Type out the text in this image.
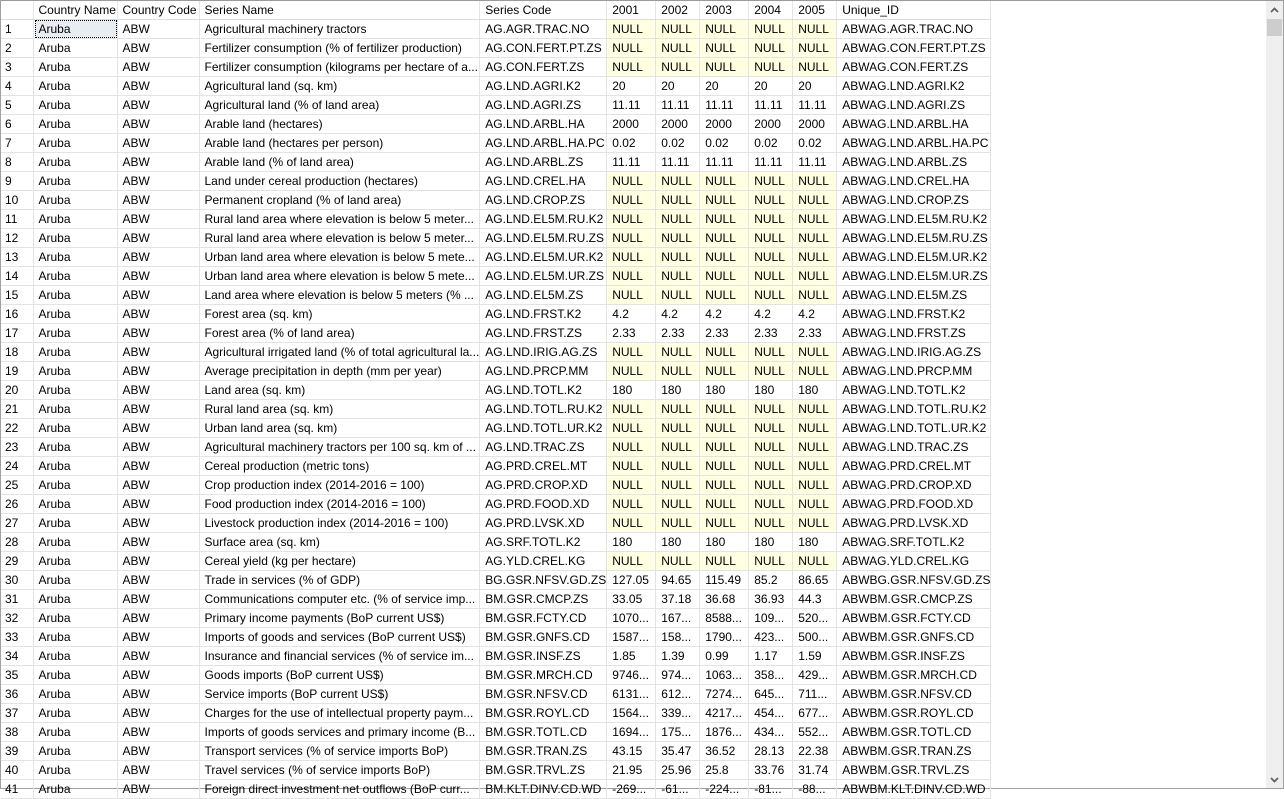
	Country Name	Country Code	Series Name	Series Code	2001	2002	2003	2004	2005	Unique_ID
1	Aruba	ABW	Agricultural machinery tractors	AG.AGR.TRAC.NO	NULL	NULL	NULL	NULL	NULL	ABWAG.AGR.TRAC.NO
2	Aruba	ABW	Fertilizer consumption (% of fertilizer production)	AG.CON.FERT.PT.ZS	NULL	NULL	NULL	NULL	NULL	ABWAG.CON.FERT.PT.ZS
3	Aruba	ABW	Fertilizer consumption (kilograms per hectare of a...	AG.CON.FERT.ZS	NULL	NULL	NULL	NULL	NULL	ABWAG.CON.FERT.ZS
4	Aruba	ABW	Agricultural land (sq. km)	AG.LND.AGRI.K2	20	20	20	20	20	ABWAG.LND.AGRI.K2
5	Aruba	ABW	Agricultural land (% of land area)	AG.LND.AGRI.ZS	11.11	11.11	11.11	11.11	11.11	ABWAG.LND.AGRI.ZS
6	Aruba	ABW	Arable land (hectares)	AG.LND.ARBL.HA	2000	2000	2000	2000	2000	ABWAG.LND.ARBL.HA
7	Aruba	ABW	Arable land (hectares per person)	AG.LND.ARBL.HA.PC	0.02	0.02	0.02	0.02	0.02	ABWAG.LND.ARBL.HA.PC
8	Aruba	ABW	Arable land (% of land area)	AG.LND.ARBL.ZS	11.11	11.11	11.11	11.11	11.11	ABWAG.LND.ARBL.ZS
9	Aruba	ABW	Land under cereal production (hectares)	AG.LND.CREL.HA	NULL	NULL	NULL	NULL	NULL	ABWAG.LND.CREL.HA
10	Aruba	ABW	Permanent cropland (% of land area)	AG.LND.CROP.ZS	NULL	NULL	NULL	NULL	NULL	ABWAG.LND.CROP.ZS
11	Aruba	ABW	Rural land area where elevation is below 5 meter...	AG.LND.EL5M.RU.K2	NULL	NULL	NULL	NULL	NULL	ABWAG.LND.EL5M.RU.K2
12	Aruba	ABW	Rural land area where elevation is below 5 meter...	AG.LND.EL5M.RU.ZS	NULL	NULL	NULL	NULL	NULL	ABWAG.LND.EL5M.RU.ZS
13	Aruba	ABW	Urban land area where elevation is below 5 mete...	AG.LND.EL5M.UR.K2	NULL	NULL	NULL	NULL	NULL	ABWAG.LND.EL5M.UR.K2
14	Aruba	ABW	Urban land area where elevation is below 5 mete...	AG.LND.EL5M.UR.ZS	NULL	NULL	NULL	NULL	NULL	ABWAG.LND.EL5M.UR.ZS
15	Aruba	ABW	Land area where elevation is below 5 meters (% ...	AG.LND.EL5M.ZS	NULL	NULL	NULL	NULL	NULL	ABWAG.LND.EL5M.ZS
16	Aruba	ABW	Forest area (sq. km)	AG.LND.FRST.K2	4.2	4.2	4.2	4.2	4.2	ABWAG.LND.FRST.K2
17	Aruba	ABW	Forest area (% of land area)	AG.LND.FRST.ZS	2.33	2.33	2.33	2.33	2.33	ABWAG.LND.FRST.ZS
18	Aruba	ABW	Agricultural irrigated land (% of total agricultural la...	AG.LND.IRIG.AG.ZS	NULL	NULL	NULL	NULL	NULL	ABWAG.LND.IRIG.AG.ZS
19	Aruba	ABW	Average precipitation in depth (mm per year)	AG.LND.PRCP.MM	NULL	NULL	NULL	NULL	NULL	ABWAG.LND.PRCP.MM
20	Aruba	ABW	Land area (sq. km)	AG.LND.TOTL.K2	180	180	180	180	180	ABWAG.LND.TOTL.K2
21	Aruba	ABW	Rural land area (sq. km)	AG.LND.TOTL.RU.K2	NULL	NULL	NULL	NULL	NULL	ABWAG.LND.TOTL.RU.K2
22	Aruba	ABW	Urban land area (sq. km)	AG.LND.TOTL.UR.K2	NULL	NULL	NULL	NULL	NULL	ABWAG.LND.TOTL.UR.K2
23	Aruba	ABW	Agricultural machinery tractors per 100 sq. km of ...	AG.LND.TRAC.ZS	NULL	NULL	NULL	NULL	NULL	ABWAG.LND.TRAC.ZS
24	Aruba	ABW	Cereal production (metric tons)	AG.PRD.CREL.MT	NULL	NULL	NULL	NULL	NULL	ABWAG.PRD.CREL.MT
25	Aruba	ABW	Crop production index (2014-2016 = 100)	AG.PRD.CROP.XD	NULL	NULL	NULL	NULL	NULL	ABWAG.PRD.CROP.XD
26	Aruba	ABW	Food production index (2014-2016 = 100)	AG.PRD.FOOD.XD	NULL	NULL	NULL	NULL	NULL	ABWAG.PRD.FOOD.XD
27	Aruba	ABW	Livestock production index (2014-2016 = 100)	AG.PRD.LVSK.XD	NULL	NULL	NULL	NULL	NULL	ABWAG.PRD.LVSK.XD
28	Aruba	ABW	Surface area (sq. km)	AG.SRF.TOTL.K2	180	180	180	180	180	ABWAG.SRF.TOTL.K2
29	Aruba	ABW	Cereal yield (kg per hectare)	AG.YLD.CREL.KG	NULL	NULL	NULL	NULL	NULL	ABWAG.YLD.CREL.KG
30	Aruba	ABW	Trade in services (% of GDP)	BG.GSR.NFSV.GD.ZS	127.05	94.65	115.49	85.2	86.65	ABWBG.GSR.NFSV.GD.ZS
31	Aruba	ABW	Communications computer etc. (% of service imp...	BM.GSR.CMCP.ZS	33.05	37.18	36.68	36.93	44.3	ABWBM.GSR.CMCP.ZS
32	Aruba	ABW	Primary income payments (BoP current US$)	BM.GSR.FCTY.CD	1070...	167...	8588...	109...	520...	ABWBM.GSR.FCTY.CD
33	Aruba	ABW	Imports of goods and services (BoP current US$)	BM.GSR.GNFS.CD	1587...	158...	1790...	423...	500...	ABWBM.GSR.GNFS.CD
34	Aruba	ABW	Insurance and financial services (% of service im...	BM.GSR.INSF.ZS	1.85	1.39	0.99	1.17	1.59	ABWBM.GSR.INSF.ZS
35	Aruba	ABW	Goods imports (BoP current US$)	BM.GSR.MRCH.CD	9746...	974...	1063...	358...	429...	ABWBM.GSR.MRCH.CD
36	Aruba	ABW	Service imports (BoP current US$)	BM.GSR.NFSV.CD	6131...	612...	7274...	645...	711...	ABWBM.GSR.NFSV.CD
37	Aruba	ABW	Charges for the use of intellectual property paym...	BM.GSR.ROYL.CD	1564...	339...	4217...	454...	677...	ABWBM.GSR.ROYL.CD
38	Aruba	ABW	Imports of goods services and primary income (B...	BM.GSR.TOTL.CD	1694...	175...	1876...	434...	552...	ABWBM.GSR.TOTL.CD
39	Aruba	ABW	Transport services (% of service imports BoP)	BM.GSR.TRAN.ZS	43.15	35.47	36.52	28.13	22.38	ABWBM.GSR.TRAN.ZS
40	Aruba	ABW	Travel services (% of service imports BoP)	BM.GSR.TRVL.ZS	21.95	25.96	25.8	33.76	31.74	ABWBM.GSR.TRVL.ZS
41	Aruba	ABW	Foreign direct investment net outflows (BoP curr...	BM.KLT.DINV.CD.WD	-269...	-61...	-224...	-81...	-88...	ABWBM.KLT.DINV.CD.WD
